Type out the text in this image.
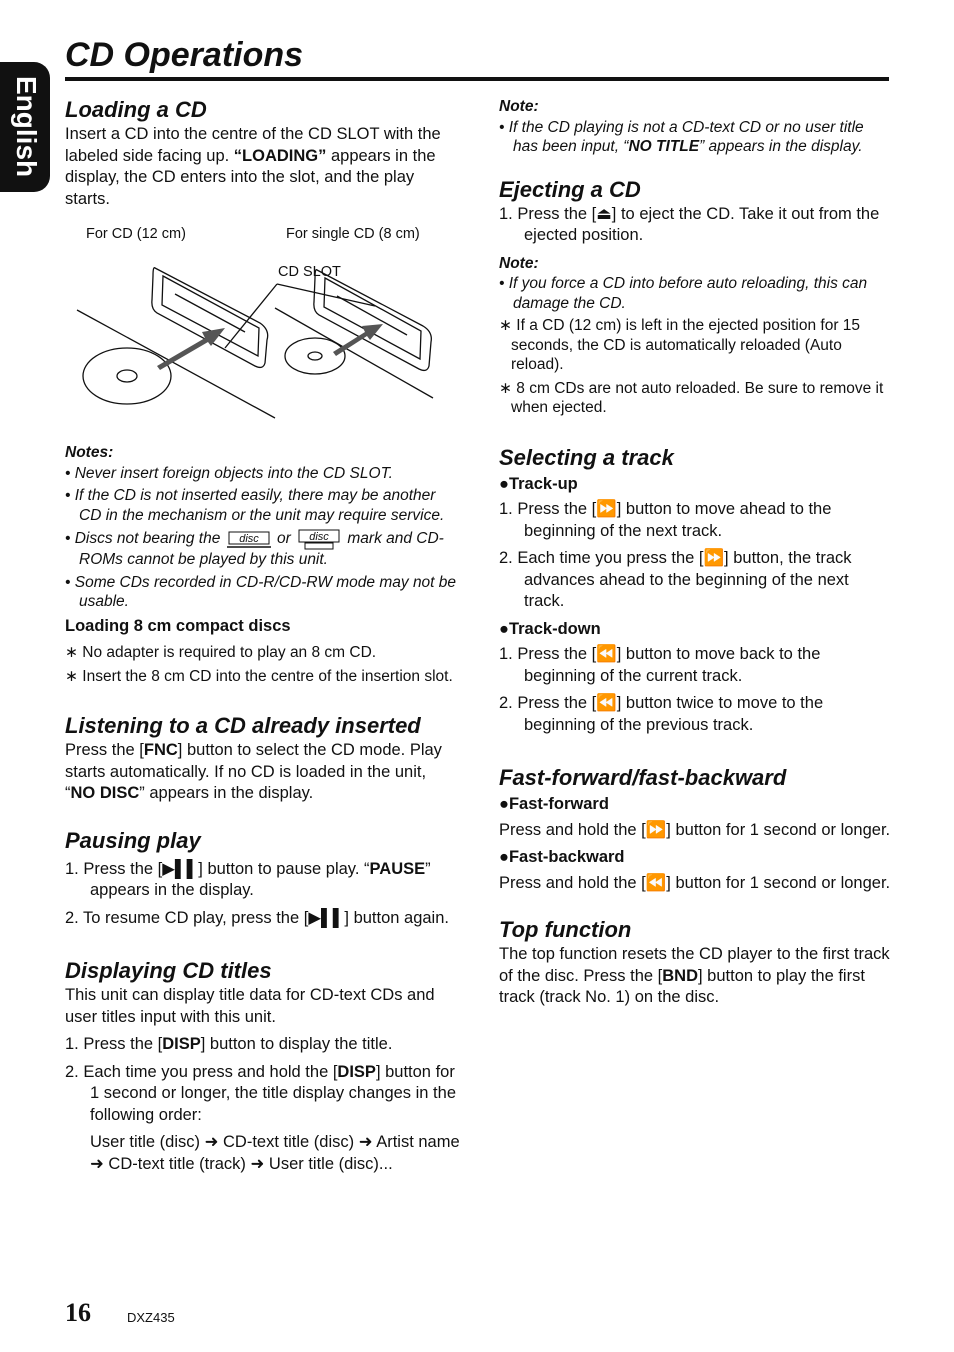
English
CD Operations
Loading a CD

Insert a CD into the centre of the CD SLOT with the labeled side facing up. “LOADING” appears in the display, the CD enters into the slot, and the play starts.

For CD (12 cm)	For single CD (8 cm)
CD SLOT

Notes:

• Never insert foreign objects into the CD SLOT.

• If the CD is not inserted easily, there may be another CD in the mechanism or the unit may require service.

• Discs not bearing the disc or disc mark and CD-ROMs cannot be played by this unit.

• Some CDs recorded in CD-R/CD-RW mode may not be usable.

Loading 8 cm compact discs

∗ No adapter is required to play an 8 cm CD.

∗ Insert the 8 cm CD into the centre of the insertion slot.

Listening to a CD already inserted

Press the [FNC] button to select the CD mode. Play starts automatically. If no CD is loaded in the unit, “NO DISC” appears in the display.

Pausing play

1. Press the [▶▌▌] button to pause play. “PAUSE” appears in the display.

2. To resume CD play, press the [▶▌▌] button again.

Displaying CD titles

This unit can display title data for CD-text CDs and user titles input with this unit.

1. Press the [DISP] button to display the title.

2. Each time you press and hold the [DISP] button for 1 second or longer, the title display changes in the following order:

User title (disc) ➜ CD-text title (disc) ➜ Artist name ➜ CD-text title (track) ➜ User title (disc)...

Note:

• If the CD playing is not a CD-text CD or no user title has been input, “NO TITLE” appears in the display.

Ejecting a CD

1. Press the [⏏] to eject the CD. Take it out from the ejected position.

Note:

• If you force a CD into before auto reloading, this can damage the CD.

∗ If a CD (12 cm) is left in the ejected position for 15 seconds, the CD is automatically reloaded (Auto reload).

∗ 8 cm CDs are not auto reloaded. Be sure to remove it when ejected.

Selecting a track

●Track-up

1. Press the [⏩] button to move ahead to the beginning of the next track.

2. Each time you press the [⏩] button, the track advances ahead to the beginning of the next track.

●Track-down

1. Press the [⏪] button to move back to the beginning of the current track.

2. Press the [⏪] button twice to move to the beginning of the previous track.

Fast-forward/fast-backward

●Fast-forward

Press and hold the [⏩] button for 1 second or longer.

●Fast-backward

Press and hold the [⏪] button for 1 second or longer.

Top function

The top function resets the CD player to the first track of the disc. Press the [BND] button to play the first track (track No. 1) on the disc.

16	DXZ435
